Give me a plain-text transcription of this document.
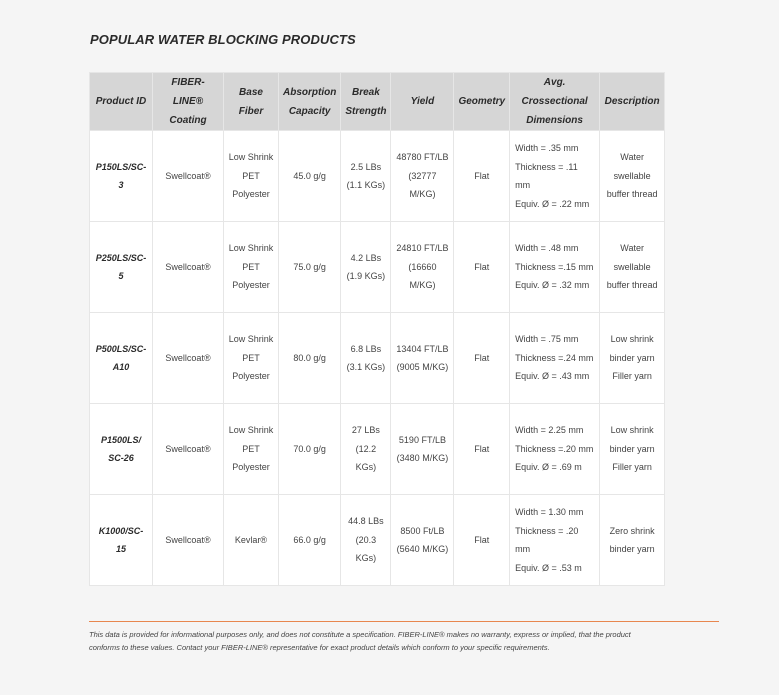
POPULAR WATER BLOCKING PRODUCTS
Product ID	FIBER-LINE®
Coating	Base Fiber	Absorption
Capacity	Break
Strength	Yield	Geometry	Avg.
Crossectional
Dimensions	Description

P150LS/SC-3	Swellcoat®	Low Shrink
PET
Polyester	45.0 g/g	2.5 LBs
(1.1 KGs)	48780 FT/LB
(32777 M/KG)	Flat	Width = .35 mm
Thickness = .11 mm
Equiv. Ø = .22 mm	Water
swellable
buffer thread

P250LS/SC-5	Swellcoat®	Low Shrink
PET
Polyester	75.0 g/g	4.2 LBs
(1.9 KGs)	24810 FT/LB
(16660 M/KG)	Flat	Width = .48 mm
Thickness =.15 mm
Equiv. Ø = .32 mm	Water
swellable
buffer thread

P500LS/SC-
A10	Swellcoat®	Low Shrink
PET
Polyester	80.0 g/g	6.8 LBs
(3.1 KGs)	13404 FT/LB
(9005 M/KG)	Flat	Width = .75 mm
Thickness =.24 mm
Equiv. Ø = .43 mm	Low shrink
binder yarn
Filler yarn

P1500LS/
SC-26	Swellcoat®	Low Shrink
PET
Polyester	70.0 g/g	27 LBs
(12.2 KGs)	5190 FT/LB
(3480 M/KG)	Flat	Width = 2.25 mm
Thickness =.20 mm
Equiv. Ø = .69 m	Low shrink
binder yarn
Filler yarn

K1000/SC-15	Swellcoat®	Kevlar®	66.0 g/g	44.8 LBs
(20.3 KGs)	8500 Ft/LB
(5640 M/KG)	Flat	Width = 1.30 mm
Thickness = .20 mm
Equiv. Ø = .53 m	Zero shrink
binder yarn
This data is provided for informational purposes only, and does not constitute a specification. FIBER-LINE® makes no warranty, express or implied, that the product
conforms to these values. Contact your FIBER-LINE® representative for exact product details which conform to your specific requirements.
